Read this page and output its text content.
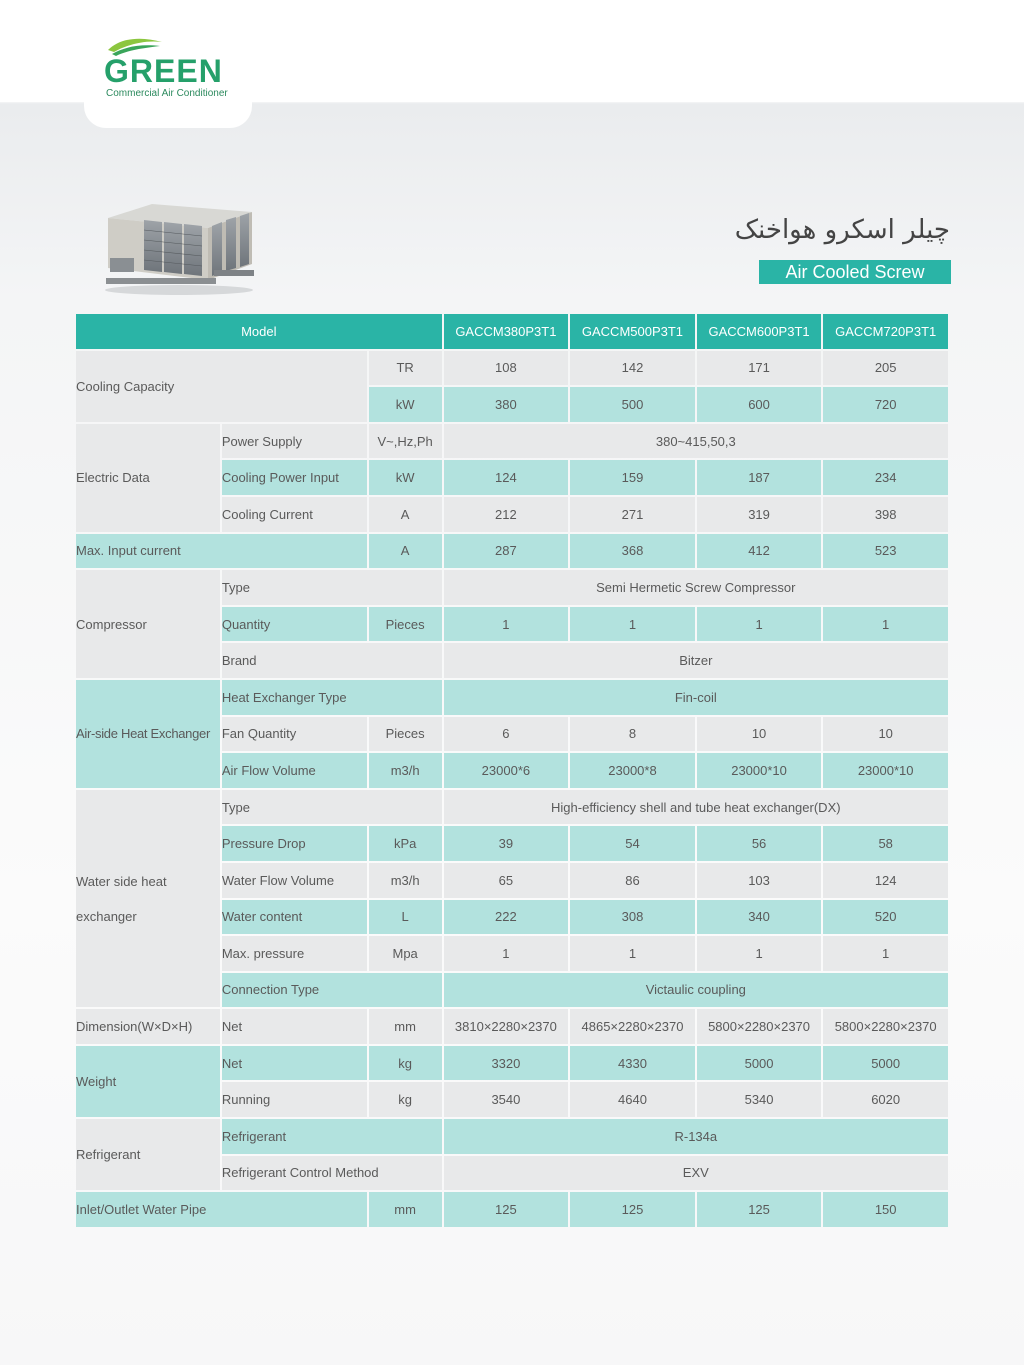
GREEN
Commercial Air Conditioner
چیلر اسکرو هواخنک
Air Cooled Screw
Model			GACCM380P3T1	GACCM500P3T1	GACCM600P3T1	GACCM720P3T1
Cooling Capacity		TR	108	142	171	205
		kW	380	500	600	720
Electric Data	Power Supply	V~,Hz,Ph	380~415,50,3			
	Cooling Power Input	kW	124	159	187	234
	Cooling Current	A	212	271	319	398
Max. Input current		A	287	368	412	523
Compressor	Type		Semi Hermetic Screw Compressor			
	Quantity	Pieces	1	1	1	1
	Brand		Bitzer			
Air-side Heat Exchanger	Heat Exchanger Type		Fin-coil			
	Fan Quantity	Pieces	6	8	10	10
	Air Flow Volume	m3/h	23000*6	23000*8	23000*10	23000*10

Water side heat
exchanger	Type		High-efficiency shell and tube heat exchanger(DX)			
	Pressure Drop	kPa	39	54	56	58
	Water Flow Volume	m3/h	65	86	103	124
	Water content	L	222	308	340	520
	Max. pressure	Mpa	1	1	1	1
	Connection Type		Victaulic coupling			
Dimension(W×D×H)	Net	mm	3810×2280×2370	4865×2280×2370	5800×2280×2370	5800×2280×2370
Weight	Net	kg	3320	4330	5000	5000
	Running	kg	3540	4640	5340	6020
Refrigerant	Refrigerant		R-134a			
	Refrigerant Control Method		EXV			
Inlet/Outlet Water Pipe		mm	125	125	125	150
